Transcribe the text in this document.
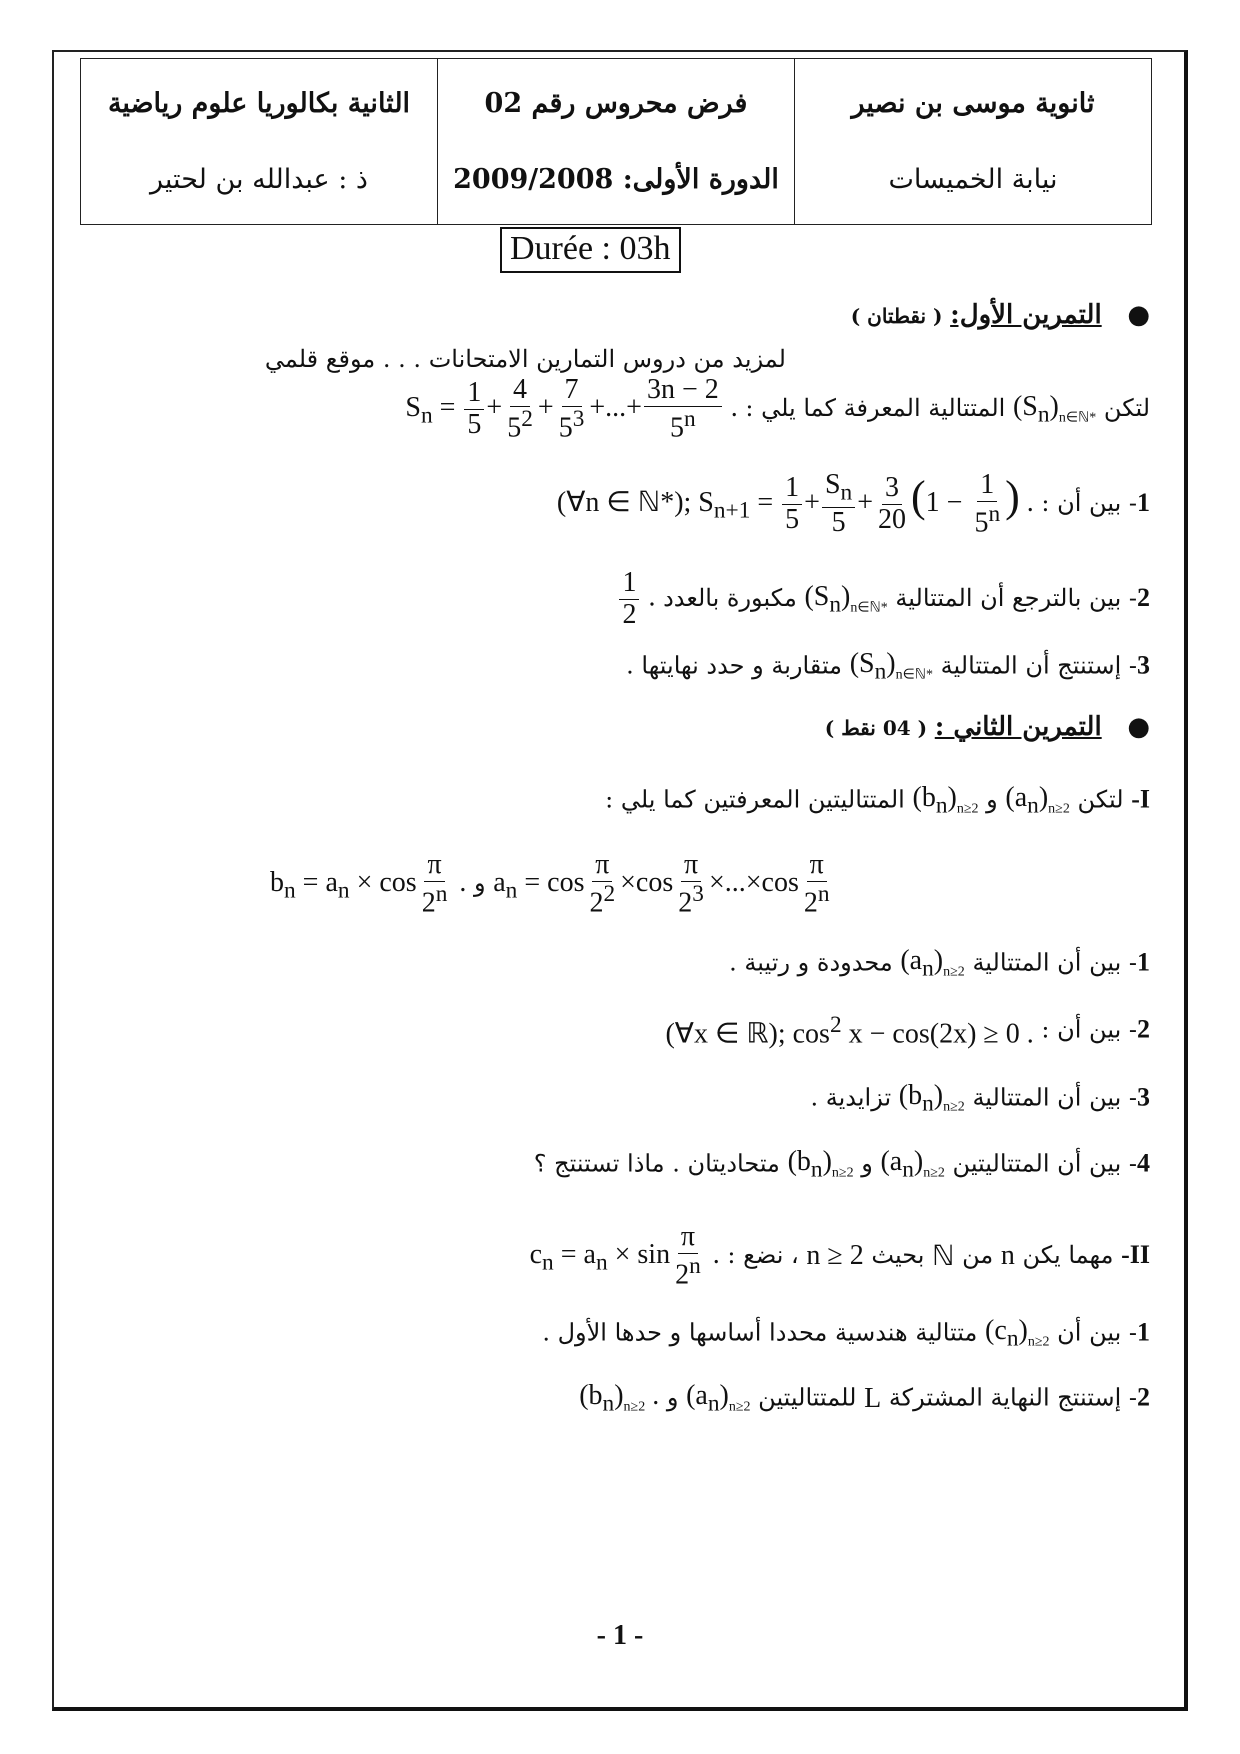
الثانية بكالوريا علوم رياضية
ذ : عبدالله بن لحتير
فرض محروس رقم 02
الدورة الأولى: 2009/2008
ثانوية موسى بن نصير
نيابة الخميسات
Durée : 03h
● التمرين الأول: ( نقطتان )
لمزيد من دروس التمارين الامتحانات . . . موقع قلمي
لتكن $(S_n)_{n\in ℕ*}$ المتتالية المعرفة كما يلي : $S_n = \frac{1}{5} + \frac{4}{5^2} + \frac{7}{5^3}$ +...+ $\frac{3n - 2}{5^n}$ .
1- بين أن : (∀n ∈ ℕ*); $S_{n+1} = \frac{1}{5} + \frac{S_n}{5} + \frac{3}{20} (1 - \frac{1}{5^n}$ ) .
2- بين بالترجع أن المتتالية $(S_n)_{n\in ℕ*}$ مكبورة بالعدد
$\frac{1}{2}$ .
3- إستنتج أن المتتالية $(S_n)_{n\in ℕ*}$ متقاربة و حدد نهايتها .
● التمرين الثاني : ( 04 نقط )
I- لتكن $(a_n)_{n\ge 2}$ و $(b_n)_{n\ge 2}$ المتتاليتين المعرفتين كما يلي :
$a_n = \cos \frac{\pi}{2^2} \times\cos \frac{\pi}{2^3} \times...\times\cos \frac{\pi}{2^n}$
و $b_n = a_n \times \cos \frac{\pi}{2^n}$ .
1- بين أن المتتالية $(a_n)_{n\ge 2}$ محدودة و رتيبة .
2- بين أن : (∀x ∈ ℝ); $\cos^2 x - \cos(2x) \ge 0$ .
3- بين أن المتتالية $(b_n)_{n\ge 2}$ تزايدية .
4- بين أن المتتاليتين $(a_n)_{n\ge 2}$ و $(b_n)_{n\ge 2}$ متحاديتان . ماذا تستنتج ؟
II- مهما يكن n من ℕ بحيث n ≥ 2 ، نضع : $c_n = a_n \times \sin \frac{\pi}{2^n}$ .
1- بين أن $(c_n)_{n\ge 2}$ متتالية هندسية محددا أساسها و حدها الأول .
2- إستنتج النهاية المشتركة L للمتتاليتين $(a_n)_{n\ge 2}$ و $(b_n)_{n\ge 2}$ .
- 1 -
